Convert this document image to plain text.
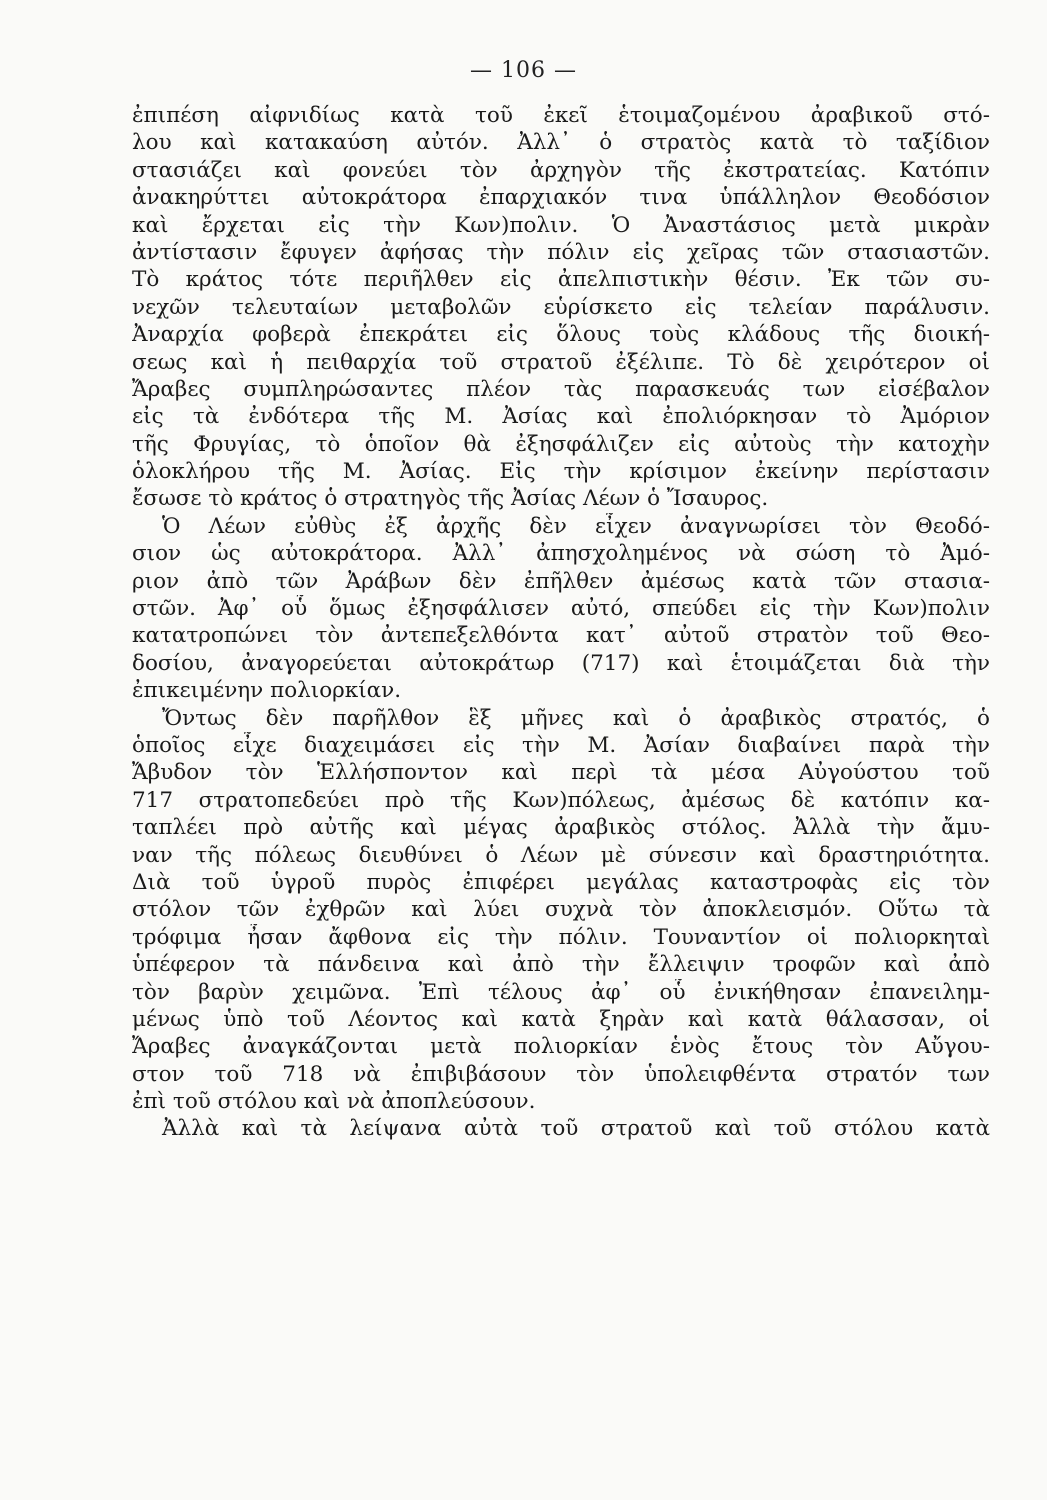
— 106 —
ἐπιπέση αἰφνιδίως κατὰ τοῦ ἐκεῖ ἑτοιμαζομένου ἀραβικοῦ στό-
λου καὶ κατακαύση αὐτόν. Ἀλλ᾽ ὁ στρατὸς κατὰ τὸ ταξίδιον
στασιάζει καὶ φονεύει τὸν ἀρχηγὸν τῆς ἐκστρατείας. Κατόπιν
ἀνακηρύττει αὐτοκράτορα ἐπαρχιακόν τινα ὑπάλληλον Θεοδόσιον
καὶ ἔρχεται εἰς τὴν Κων)πολιν. Ὁ Ἀναστάσιος μετὰ μικρὰν
ἀντίστασιν ἔφυγεν ἀφήσας τὴν πόλιν εἰς χεῖρας τῶν στασιαστῶν.
Τὸ κράτος τότε περιῆλθεν εἰς ἀπελπιστικὴν θέσιν. Ἐκ τῶν συ-
νεχῶν τελευταίων μεταβολῶν εὑρίσκετο εἰς τελείαν παράλυσιν.
Ἀναρχία φοβερὰ ἐπεκράτει εἰς ὅλους τοὺς κλάδους τῆς διοική-
σεως καὶ ἡ πειθαρχία τοῦ στρατοῦ ἐξέλιπε. Τὸ δὲ χειρότερον οἱ
Ἄραβες συμπληρώσαντες πλέον τὰς παρασκευάς των εἰσέβαλον
εἰς τὰ ἐνδότερα τῆς Μ. Ἀσίας καὶ ἐπολιόρκησαν τὸ Ἀμόριον
τῆς Φρυγίας, τὸ ὁποῖον θὰ ἐξησφάλιζεν εἰς αὐτοὺς τὴν κατοχὴν
ὁλοκλήρου τῆς Μ. Ἀσίας. Εἰς τὴν κρίσιμον ἐκείνην περίστασιν
ἔσωσε τὸ κράτος ὁ στρατηγὸς τῆς Ἀσίας Λέων ὁ Ἴσαυρος.
Ὁ Λέων εὐθὺς ἐξ ἀρχῆς δὲν εἶχεν ἀναγνωρίσει τὸν Θεοδό-
σιον ὡς αὐτοκράτορα. Ἀλλ᾽ ἀπησχολημένος νὰ σώση τὸ Ἀμό-
ριον ἀπὸ τῶν Ἀράβων δὲν ἐπῆλθεν ἀμέσως κατὰ τῶν στασια-
στῶν. Ἀφ᾽ οὗ ὅμως ἐξησφάλισεν αὐτό, σπεύδει εἰς τὴν Κων)πολιν
κατατροπώνει τὸν ἀντεπεξελθόντα κατ᾽ αὐτοῦ στρατὸν τοῦ Θεο-
δοσίου, ἀναγορεύεται αὐτοκράτωρ (717) καὶ ἑτοιμάζεται διὰ τὴν
ἐπικειμένην πολιορκίαν.
Ὄντως δὲν παρῆλθον ἓξ μῆνες καὶ ὁ ἀραβικὸς στρατός, ὁ
ὁποῖος εἶχε διαχειμάσει εἰς τὴν Μ. Ἀσίαν διαβαίνει παρὰ τὴν
Ἄβυδον τὸν Ἑλλήσποντον καὶ περὶ τὰ μέσα Αὐγούστου τοῦ
717 στρατοπεδεύει πρὸ τῆς Κων)πόλεως, ἀμέσως δὲ κατόπιν κα-
ταπλέει πρὸ αὐτῆς καὶ μέγας ἀραβικὸς στόλος. Ἀλλὰ τὴν ἄμυ-
ναν τῆς πόλεως διευθύνει ὁ Λέων μὲ σύνεσιν καὶ δραστηριότητα.
Διὰ τοῦ ὑγροῦ πυρὸς ἐπιφέρει μεγάλας καταστροφὰς εἰς τὸν
στόλον τῶν ἐχθρῶν καὶ λύει συχνὰ τὸν ἀποκλεισμόν. Οὕτω τὰ
τρόφιμα ἦσαν ἄφθονα εἰς τὴν πόλιν. Τουναντίον οἱ πολιορκηταὶ
ὑπέφερον τὰ πάνδεινα καὶ ἀπὸ τὴν ἔλλειψιν τροφῶν καὶ ἀπὸ
τὸν βαρὺν χειμῶνα. Ἐπὶ τέλους ἀφ᾽ οὗ ἐνικήθησαν ἐπανειλημ-
μένως ὑπὸ τοῦ Λέοντος καὶ κατὰ ξηρὰν καὶ κατὰ θάλασσαν, οἱ
Ἄραβες ἀναγκάζονται μετὰ πολιορκίαν ἑνὸς ἔτους τὸν Αὔγου-
στον τοῦ 718 νὰ ἐπιβιβάσουν τὸν ὑπολειφθέντα στρατόν των
ἐπὶ τοῦ στόλου καὶ νὰ ἀποπλεύσουν.
Ἀλλὰ καὶ τὰ λείψανα αὐτὰ τοῦ στρατοῦ καὶ τοῦ στόλου κατὰ
